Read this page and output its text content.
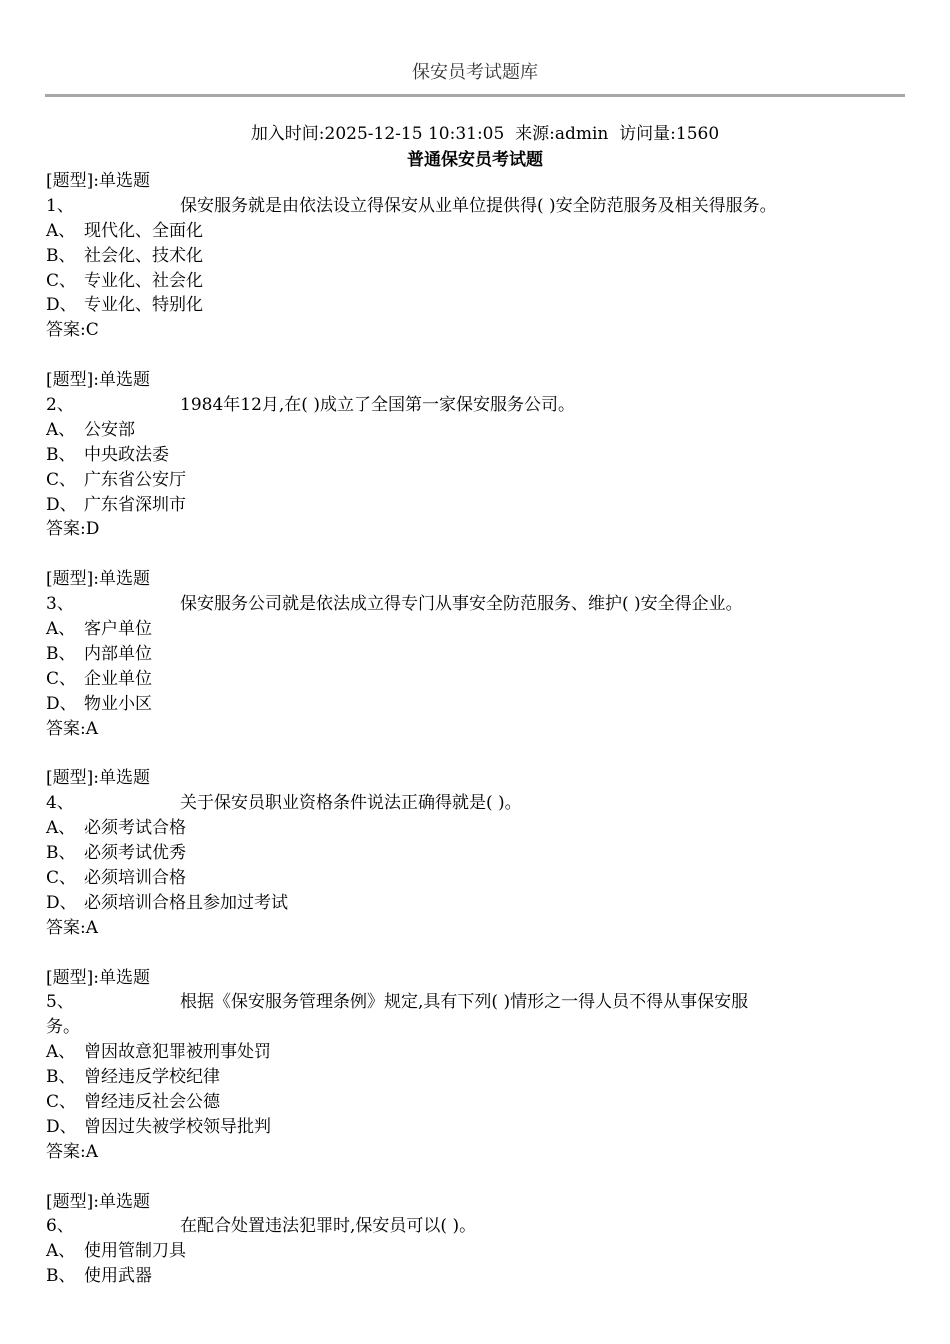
保安员考试题库
加入时间:2025-12-15 10:31:05  来源:admin  访问量:1560
普通保安员考试题
[题型]:单选题
1、	保安服务就是由依法设立得保安从业单位提供得( )安全防范服务及相关得服务。
A、 现代化、全面化
B、 社会化、技术化
C、 专业化、社会化
D、 专业化、特别化
答案:C
[题型]:单选题
2、	1984年12月,在( )成立了全国第一家保安服务公司。
A、 公安部
B、 中央政法委
C、 广东省公安厅
D、 广东省深圳市
答案:D
[题型]:单选题
3、	保安服务公司就是依法成立得专门从事安全防范服务、维护( )安全得企业。
A、 客户单位
B、 内部单位
C、 企业单位
D、 物业小区
答案:A
[题型]:单选题
4、	关于保安员职业资格条件说法正确得就是( )。
A、 必须考试合格
B、 必须考试优秀
C、 必须培训合格
D、 必须培训合格且参加过考试
答案:A
[题型]:单选题
5、	根据《保安服务管理条例》规定,具有下列( )情形之一得人员不得从事保安服
务。
A、 曾因故意犯罪被刑事处罚
B、 曾经违反学校纪律
C、 曾经违反社会公德
D、 曾因过失被学校领导批判
答案:A
[题型]:单选题
6、	在配合处置违法犯罪时,保安员可以( )。
A、 使用管制刀具
B、 使用武器
